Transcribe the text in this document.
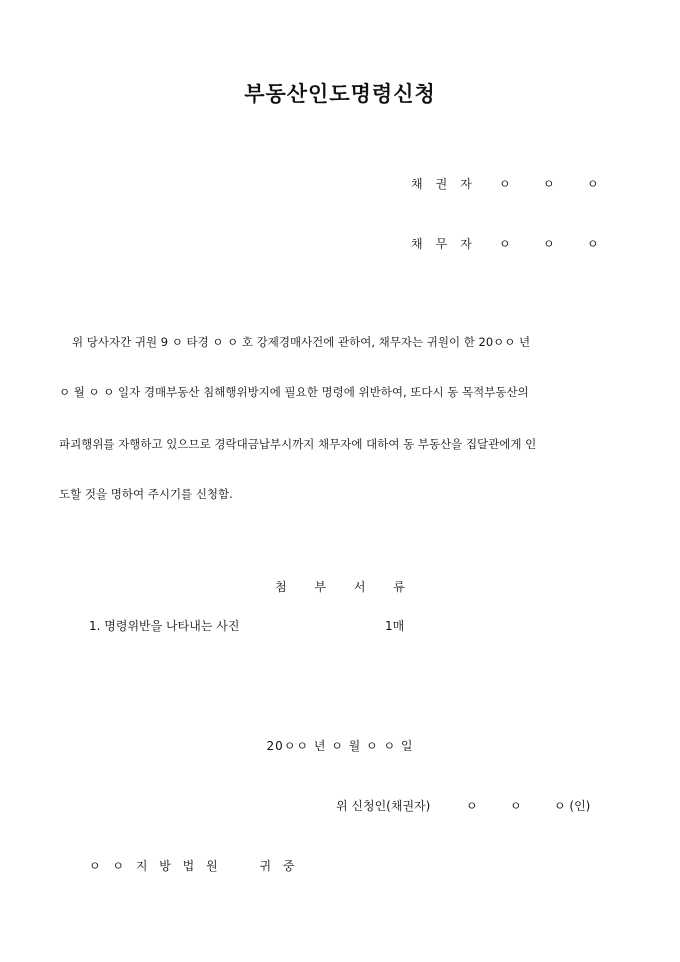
부동산인도명령신청
채권자	ㅇ	ㅇ	ㅇ
채무자	ㅇ	ㅇ	ㅇ
위 당사자간 귀원 9 ㅇ 타경 ㅇ ㅇ 호 강제경매사건에 관하여, 채무자는 귀원이 한 20ㅇㅇ 년
ㅇ 월 ㅇ ㅇ 일자 경매부동산 침해행위방지에 필요한 명령에 위반하여, 또다시 동 목적부동산의
파괴행위를 자행하고 있으므로 경락대금납부시까지 채무자에 대하여 동 부동산을 집달관에게 인
도할 것을 명하여 주시기를 신청함.
첨 부 서 류
1. 명령위반을 나타내는 사진	1매
20ㅇㅇ 년 ㅇ 월 ㅇ ㅇ 일
위 신청인(채권자)	ㅇ	ㅇ	ㅇ (인)
ㅇ ㅇ 지 방 법 원	귀 중
